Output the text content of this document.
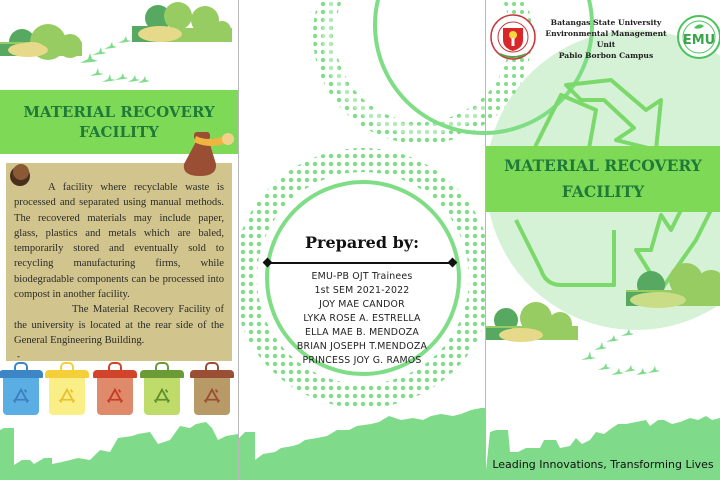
MATERIAL RECOVERY
FACILITY

A facility where recyclable waste is processed and separated using manual methods. The recovered materials may include paper, glass, plastics and metals which are baled, temporarily stored and eventually sold to recycling manufacturing firms, while biodegradable components can be processed into compost in another facility.

The Material Recovery Facility of the university is located at the rear side of the General Engineering Building.

-
Prepared by:
EMU-PB OJT Trainees
1st SEM 2021-2022
JOY MAE CANDOR
LYKA ROSE A. ESTRELLA
ELLA MAE B. MENDOZA
BRIAN JOSEPH T.MENDOZA
PRINCESS JOY G. RAMOS
Batangas State University
Environmental Management Unit
Pablo Borbon Campus
EMU
MATERIAL RECOVERY
FACILITY
Leading Innovations, Transforming Lives
